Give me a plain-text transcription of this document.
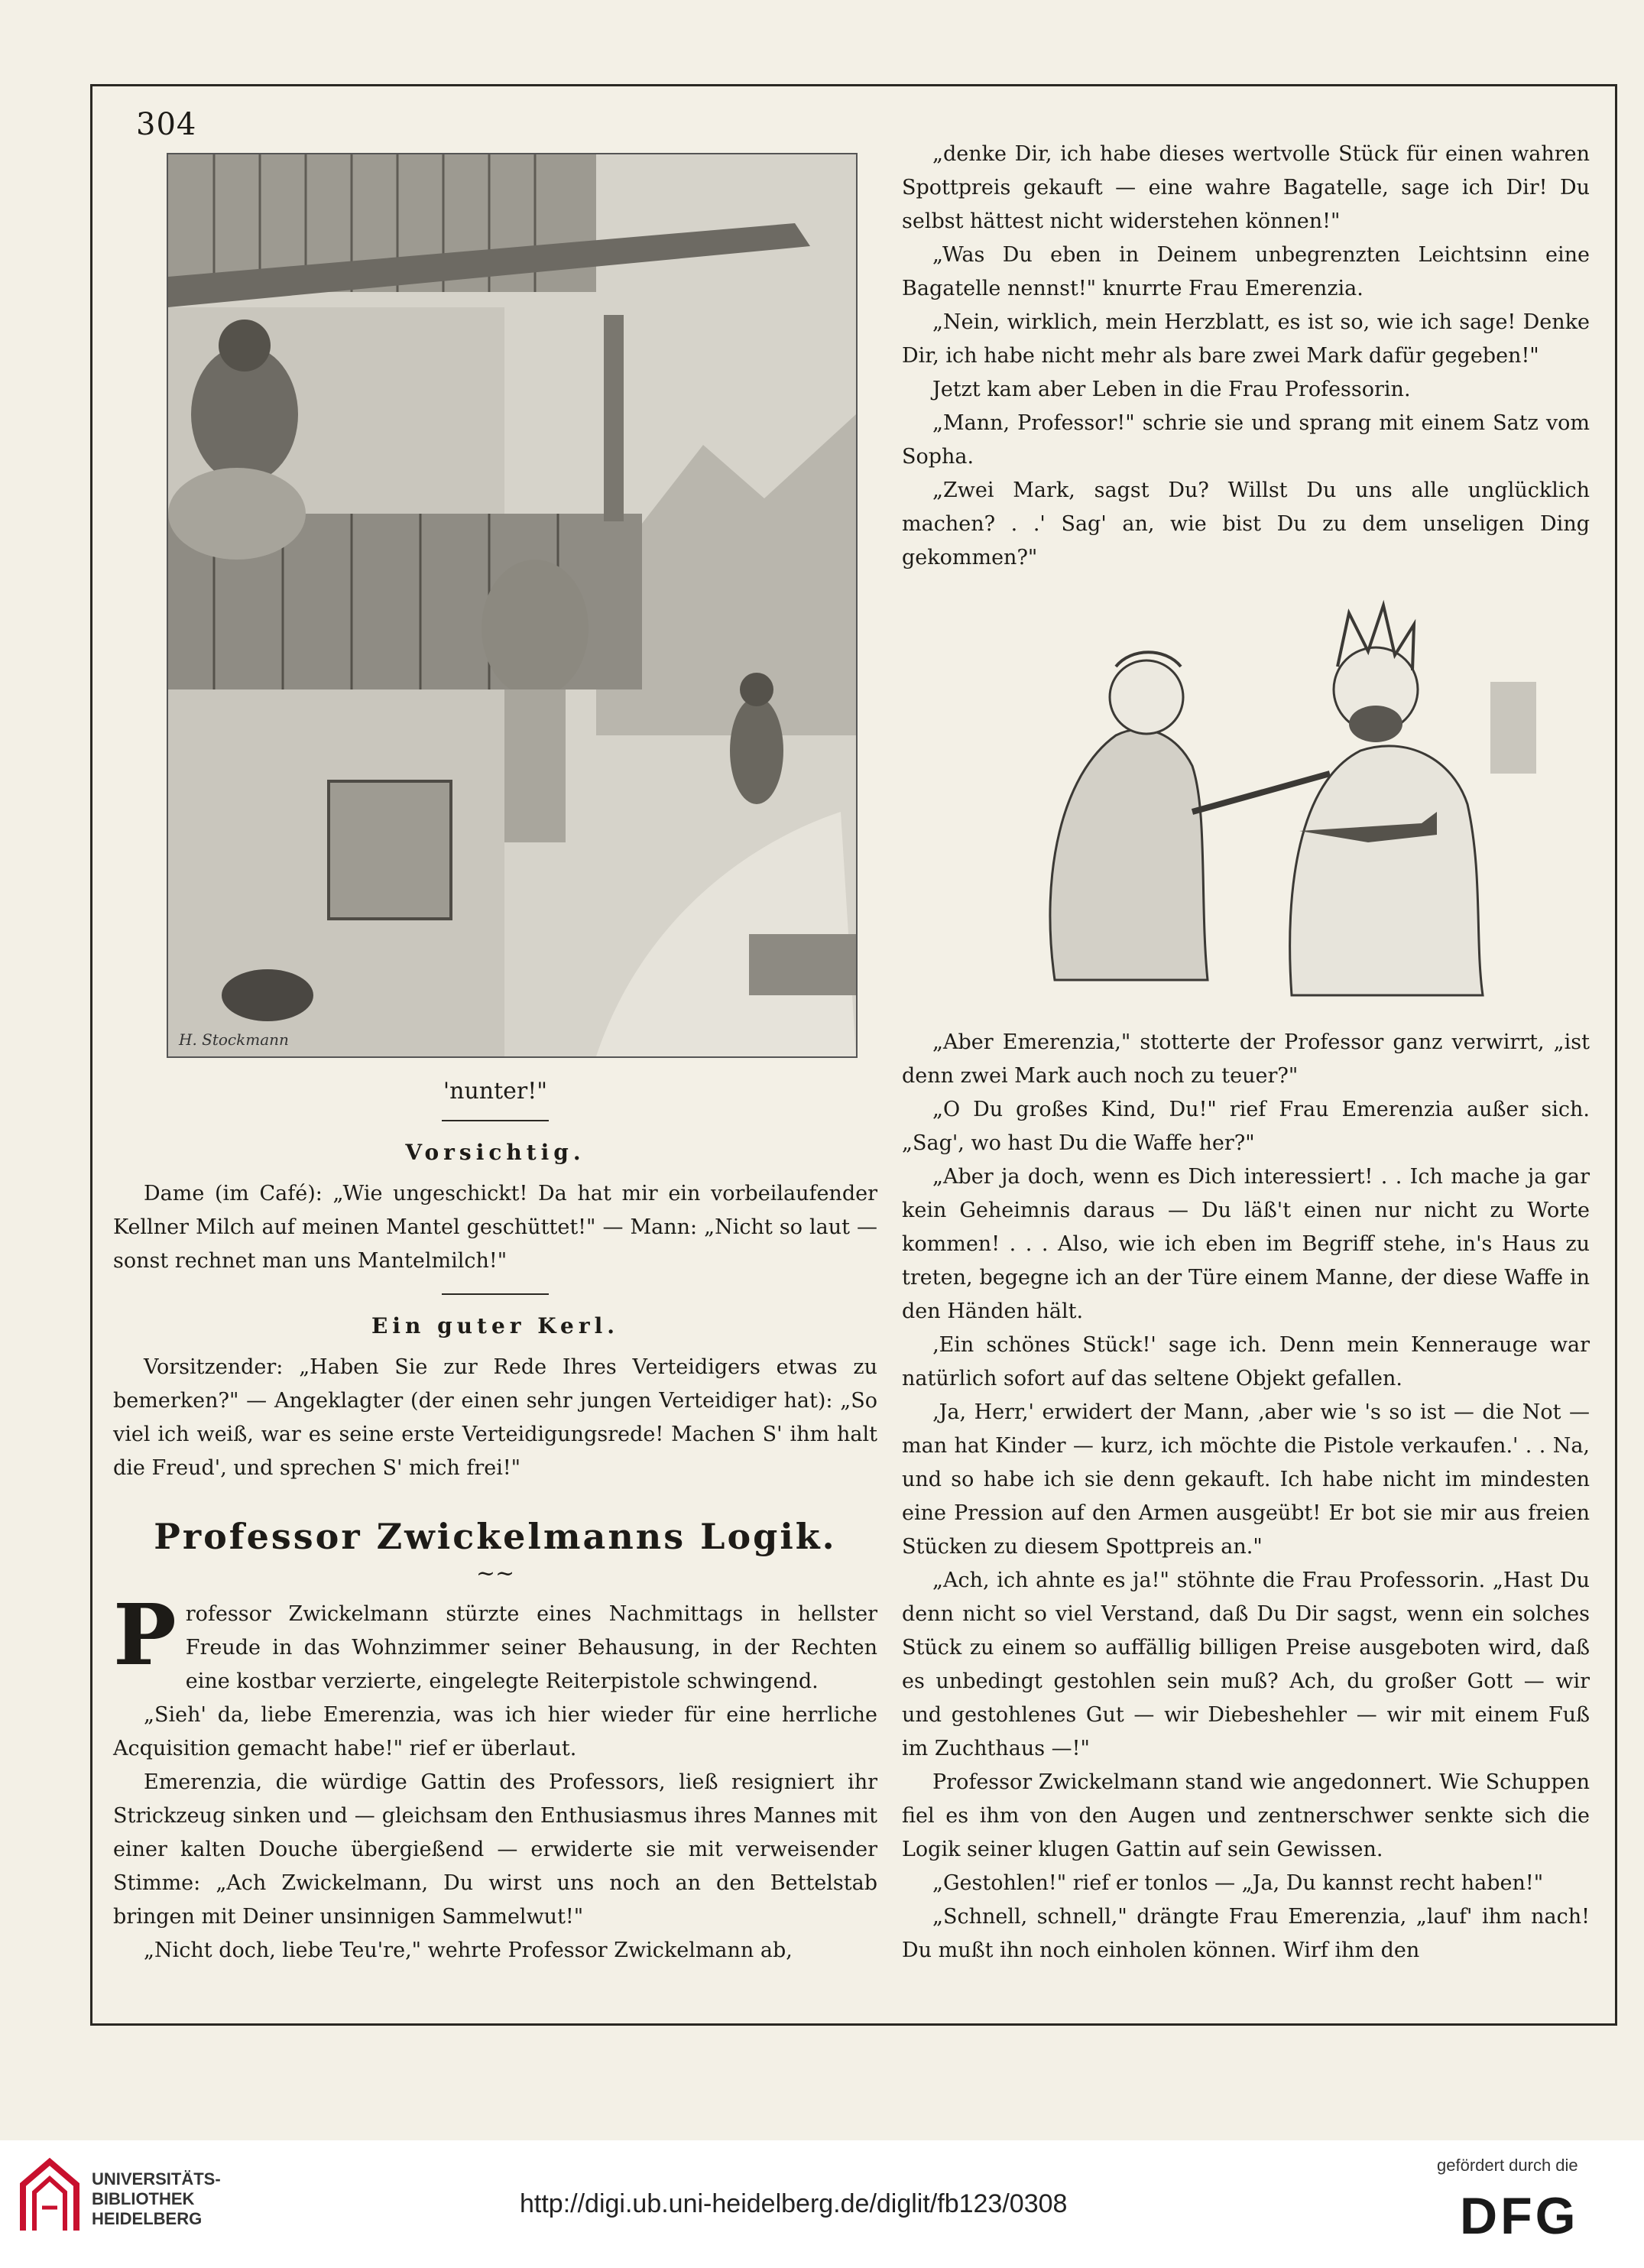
304
H. Stockmann
'nunter!"
Vorsichtig.

Dame (im Café): „Wie ungeschickt! Da hat mir ein vorbeilaufender Kellner Milch auf meinen Mantel geschüttet!" — Mann: „Nicht so laut — sonst rechnet man uns Mantelmilch!"

Ein guter Kerl.

Vorsitzender: „Haben Sie zur Rede Ihres Verteidigers etwas zu bemerken?" — Angeklagter (der einen sehr jungen Verteidiger hat): „So viel ich weiß, war es seine erste Verteidigungsrede! Machen S' ihm halt die Freud', und sprechen S' mich frei!"

Professor Zwickelmanns Logik.
~~

Professor Zwickelmann stürzte eines Nachmittags in hellster Freude in das Wohnzimmer seiner Behausung, in der Rechten eine kostbar verzierte, eingelegte Reiterpistole schwingend.

„Sieh' da, liebe Emerenzia, was ich hier wieder für eine herrliche Acquisition gemacht habe!" rief er überlaut.

Emerenzia, die würdige Gattin des Professors, ließ resigniert ihr Strickzeug sinken und — gleichsam den Enthusiasmus ihres Mannes mit einer kalten Douche übergießend — erwiderte sie mit verweisender Stimme: „Ach Zwickelmann, Du wirst uns noch an den Bettelstab bringen mit Deiner unsinnigen Sammelwut!"

„Nicht doch, liebe Teu're," wehrte Professor Zwickelmann ab,

„denke Dir, ich habe dieses wertvolle Stück für einen wahren Spottpreis gekauft — eine wahre Bagatelle, sage ich Dir! Du selbst hättest nicht widerstehen können!"

„Was Du eben in Deinem unbegrenzten Leichtsinn eine Bagatelle nennst!" knurrte Frau Emerenzia.

„Nein, wirklich, mein Herzblatt, es ist so, wie ich sage! Denke Dir, ich habe nicht mehr als bare zwei Mark dafür gegeben!"

Jetzt kam aber Leben in die Frau Professorin.

„Mann, Professor!" schrie sie und sprang mit einem Satz vom Sopha.

„Zwei Mark, sagst Du? Willst Du uns alle unglücklich machen? . .' Sag' an, wie bist Du zu dem unseligen Ding gekommen?"

„Aber Emerenzia," stotterte der Professor ganz verwirrt, „ist denn zwei Mark auch noch zu teuer?"

„O Du großes Kind, Du!" rief Frau Emerenzia außer sich. „Sag', wo hast Du die Waffe her?"

„Aber ja doch, wenn es Dich interessiert! . . Ich mache ja gar kein Geheimnis daraus — Du läß't einen nur nicht zu Worte kommen! . . . Also, wie ich eben im Begriff stehe, in's Haus zu treten, begegne ich an der Türe einem Manne, der diese Waffe in den Händen hält.

‚Ein schönes Stück!' sage ich. Denn mein Kennerauge war natürlich sofort auf das seltene Objekt gefallen.

‚Ja, Herr,' erwidert der Mann, ‚aber wie 's so ist — die Not — man hat Kinder — kurz, ich möchte die Pistole verkaufen.' . . Na, und so habe ich sie denn gekauft. Ich habe nicht im mindesten eine Pression auf den Armen ausgeübt! Er bot sie mir aus freien Stücken zu diesem Spottpreis an."

„Ach, ich ahnte es ja!" stöhnte die Frau Professorin. „Hast Du denn nicht so viel Verstand, daß Du Dir sagst, wenn ein solches Stück zu einem so auffällig billigen Preise ausgeboten wird, daß es unbedingt gestohlen sein muß? Ach, du großer Gott — wir und gestohlenes Gut — wir Diebeshehler — wir mit einem Fuß im Zuchthaus —!"

Professor Zwickelmann stand wie angedonnert. Wie Schuppen fiel es ihm von den Augen und zentnerschwer senkte sich die Logik seiner klugen Gattin auf sein Gewissen.

„Gestohlen!" rief er tonlos — „Ja, Du kannst recht haben!"

„Schnell, schnell," drängte Frau Emerenzia, „lauf' ihm nach! Du mußt ihn noch einholen können. Wirf ihm den

UNIVERSITÄTS-
BIBLIOTHEK
HEIDELBERG
http://digi.ub.uni-heidelberg.de/diglit/fb123/0308
gefördert durch die
DFG
